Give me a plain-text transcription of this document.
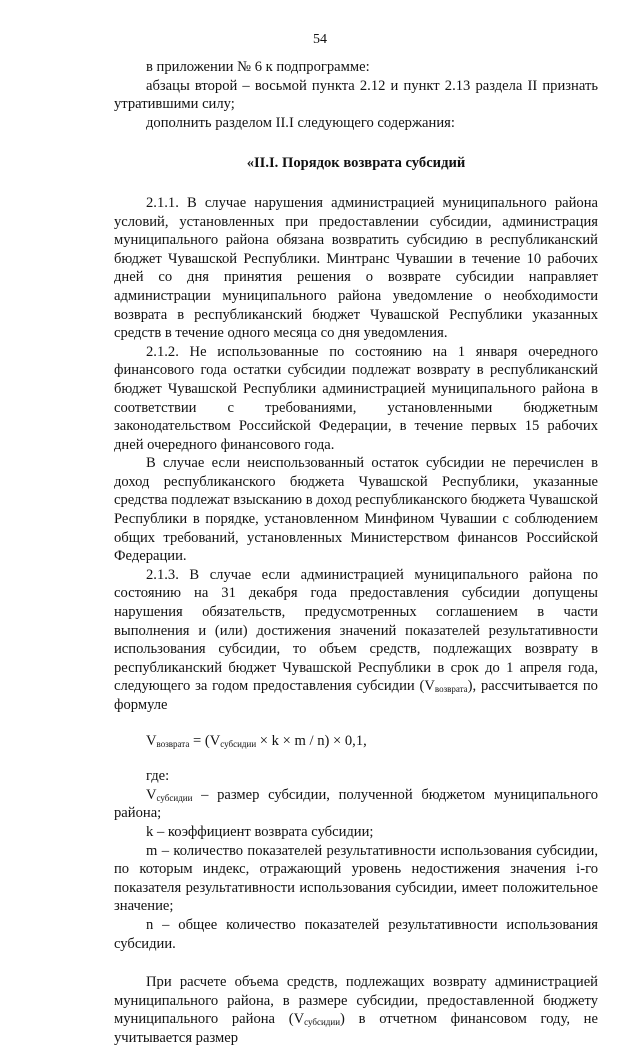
54

в приложении № 6 к подпрограмме:

абзацы второй – восьмой пункта 2.12 и пункт 2.13 раздела II признать утратившими силу;

дополнить разделом II.I следующего содержания:

«II.I. Порядок возврата субсидий

2.1.1. В случае нарушения администрацией муниципального района условий, установленных при предоставлении субсидии, администрация муниципального района обязана возвратить субсидию в республиканский бюджет Чувашской Республики. Минтранс Чувашии в течение 10 рабочих дней со дня принятия решения о возврате субсидии направляет администрации муниципального района уведомление о необходимости возврата в республиканский бюджет Чувашской Республики указанных средств в течение одного месяца со дня уведомления.

2.1.2. Не использованные по состоянию на 1 января очередного финансового года остатки субсидии подлежат возврату в республиканский бюджет Чувашской Республики администрацией муниципального района в соответствии с требованиями, установленными бюджетным законодательством Российской Федерации, в течение первых 15 рабочих дней очередного финансового года.

В случае если неиспользованный остаток субсидии не перечислен в доход республиканского бюджета Чувашской Республики, указанные средства подлежат взысканию в доход республиканского бюджета Чувашской Республики в порядке, установленном Минфином Чувашии с соблюдением общих требований, установленных Министерством финансов Российской Федерации.

2.1.3. В случае если администрацией муниципального района по состоянию на 31 декабря года предоставления субсидии допущены нарушения обязательств, предусмотренных соглашением в части выполнения и (или) достижения значений показателей результативности использования субсидии, то объем средств, подлежащих возврату в республиканский бюджет Чувашской Республики в срок до 1 апреля года, следующего за годом предоставления субсидии $(V_{возврата})$, рассчитывается по формуле

$V_{возврата} = (V_{субсидии} \times k \times m / n) \times 0,1$,

где:

$V_{субсидии}$ – размер субсидии, полученной бюджетом муниципального района;

k – коэффициент возврата субсидии;

m – количество показателей результативности использования субсидии, по которым индекс, отражающий уровень недостижения значения i-го показателя результативности использования субсидии, имеет положительное значение;

n – общее количество показателей результативности использования субсидии.

При расчете объема средств, подлежащих возврату администрацией муниципального района, в размере субсидии, предоставленной бюджету муниципального района $(V_{субсидии})$ в отчетном финансовом году, не учитывается размер
